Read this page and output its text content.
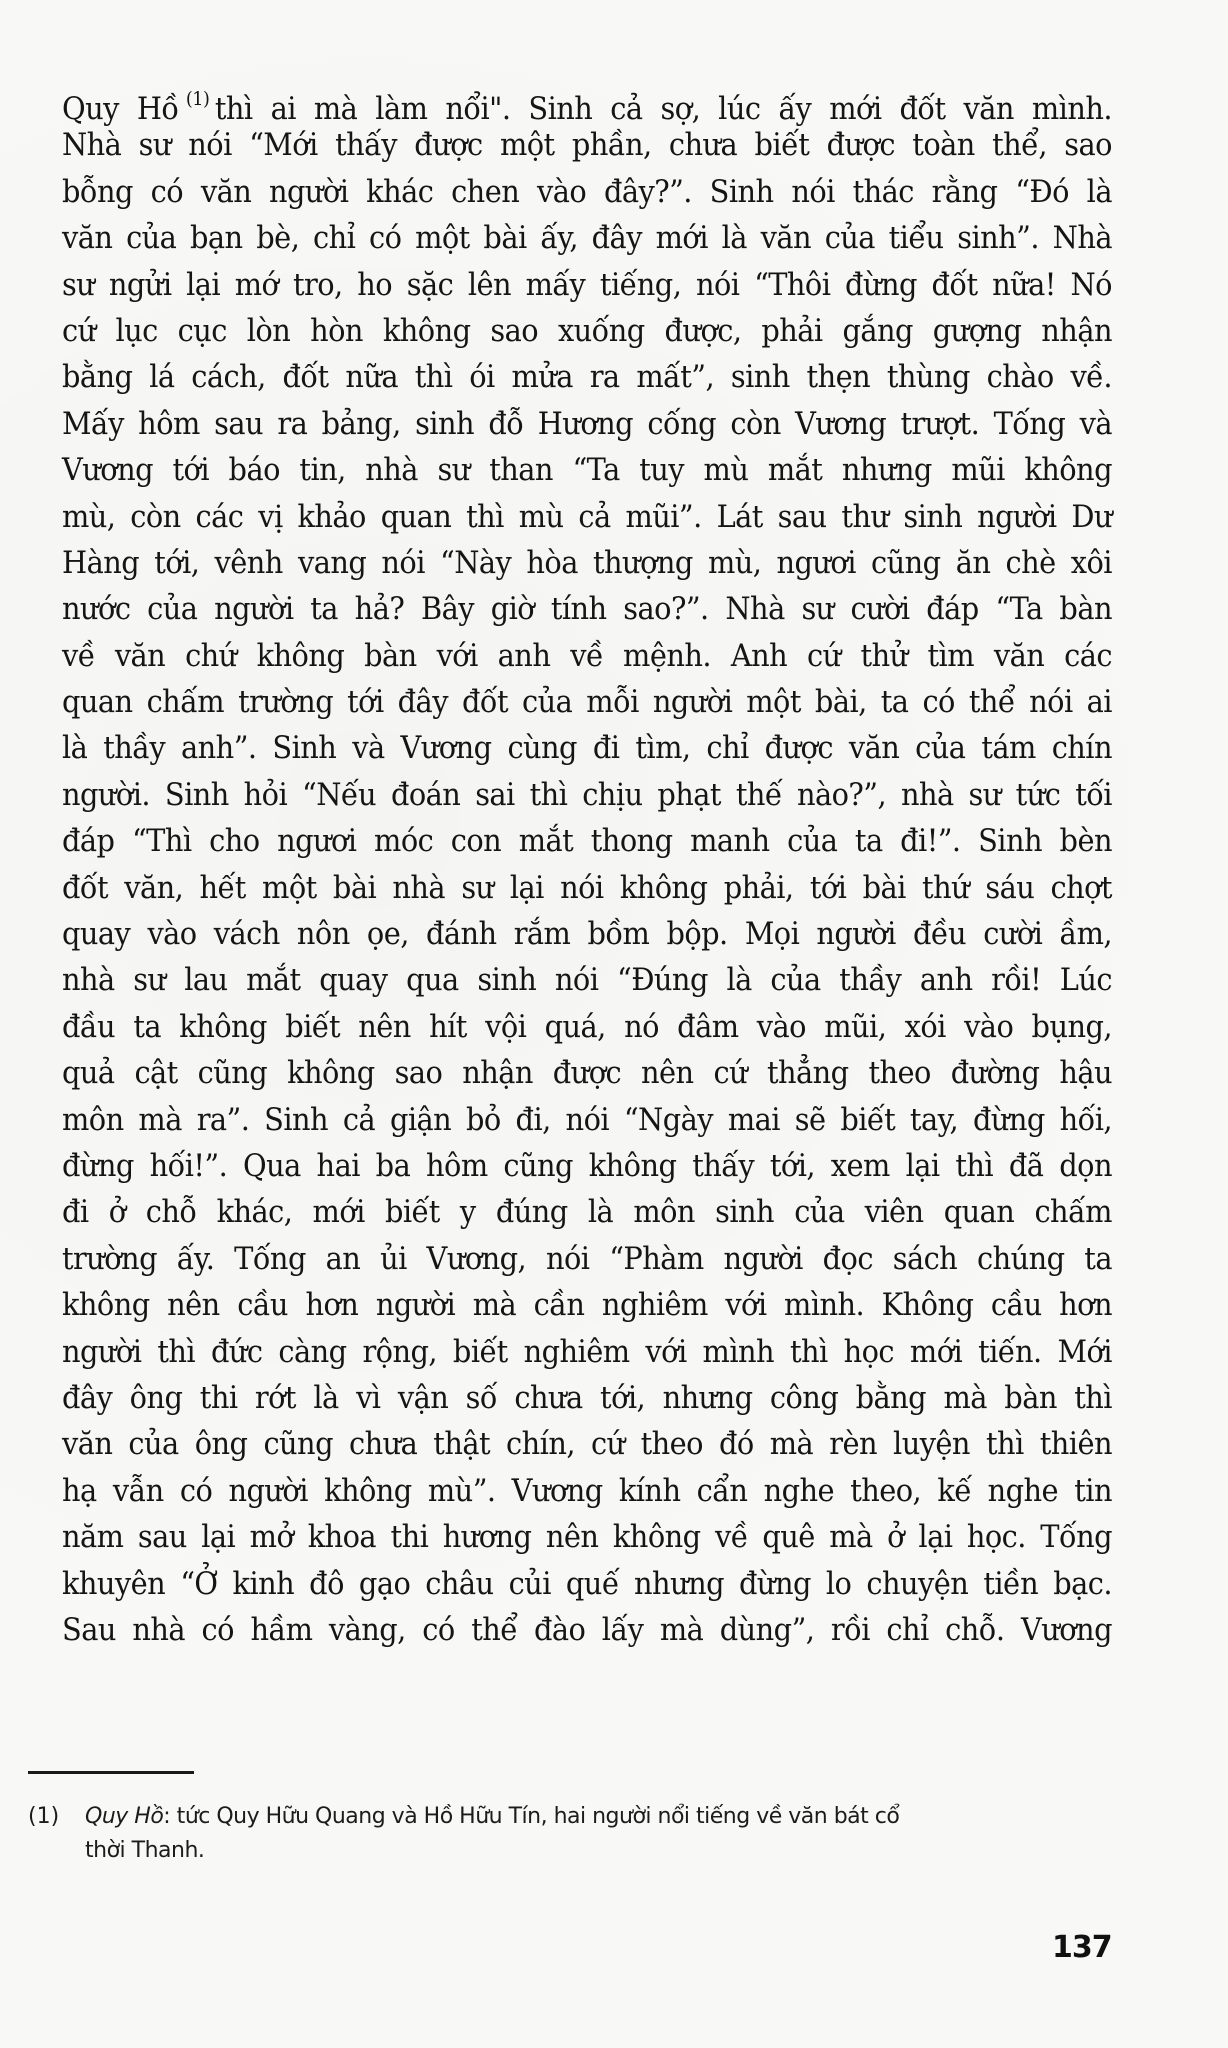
Quy Hồ $^{(1)}$ thì ai mà làm nổi". Sinh cả sợ, lúc ấy mới đốt văn mình.
Nhà sư nói “Mới thấy được một phần, chưa biết được toàn thể, sao
bỗng có văn người khác chen vào đây?”. Sinh nói thác rằng “Đó là
văn của bạn bè, chỉ có một bài ấy, đây mới là văn của tiểu sinh”. Nhà
sư ngửi lại mớ tro, ho sặc lên mấy tiếng, nói “Thôi đừng đốt nữa! Nó
cứ lục cục lòn hòn không sao xuống được, phải gắng gượng nhận
bằng lá cách, đốt nữa thì ói mửa ra mất”, sinh thẹn thùng chào về.
Mấy hôm sau ra bảng, sinh đỗ Hương cống còn Vương trượt. Tống và
Vương tới báo tin, nhà sư than “Ta tuy mù mắt nhưng mũi không
mù, còn các vị khảo quan thì mù cả mũi”. Lát sau thư sinh người Dư
Hàng tới, vênh vang nói “Này hòa thượng mù, ngươi cũng ăn chè xôi
nước của người ta hả? Bây giờ tính sao?”. Nhà sư cười đáp “Ta bàn
về văn chứ không bàn với anh về mệnh. Anh cứ thử tìm văn các
quan chấm trường tới đây đốt của mỗi người một bài, ta có thể nói ai
là thầy anh”. Sinh và Vương cùng đi tìm, chỉ được văn của tám chín
người. Sinh hỏi “Nếu đoán sai thì chịu phạt thế nào?”, nhà sư tức tối
đáp “Thì cho ngươi móc con mắt thong manh của ta đi!”. Sinh bèn
đốt văn, hết một bài nhà sư lại nói không phải, tới bài thứ sáu chợt
quay vào vách nôn ọe, đánh rắm bồm bộp. Mọi người đều cười ầm,
nhà sư lau mắt quay qua sinh nói “Đúng là của thầy anh rồi! Lúc
đầu ta không biết nên hít vội quá, nó đâm vào mũi, xói vào bụng,
quả cật cũng không sao nhận được nên cứ thẳng theo đường hậu
môn mà ra”. Sinh cả giận bỏ đi, nói “Ngày mai sẽ biết tay, đừng hối,
đừng hối!”. Qua hai ba hôm cũng không thấy tới, xem lại thì đã dọn
đi ở chỗ khác, mới biết y đúng là môn sinh của viên quan chấm
trường ấy. Tống an ủi Vương, nói “Phàm người đọc sách chúng ta
không nên cầu hơn người mà cần nghiêm với mình. Không cầu hơn
người thì đức càng rộng, biết nghiêm với mình thì học mới tiến. Mới
đây ông thi rớt là vì vận số chưa tới, nhưng công bằng mà bàn thì
văn của ông cũng chưa thật chín, cứ theo đó mà rèn luyện thì thiên
hạ vẫn có người không mù”. Vương kính cẩn nghe theo, kế nghe tin
năm sau lại mở khoa thi hương nên không về quê mà ở lại học. Tống
khuyên “Ở kinh đô gạo châu củi quế nhưng đừng lo chuyện tiền bạc.
Sau nhà có hầm vàng, có thể đào lấy mà dùng”, rồi chỉ chỗ. Vương
(1) Quy Hồ: tức Quy Hữu Quang và Hồ Hữu Tín, hai người nổi tiếng về văn bát cổ
thời Thanh.
137
